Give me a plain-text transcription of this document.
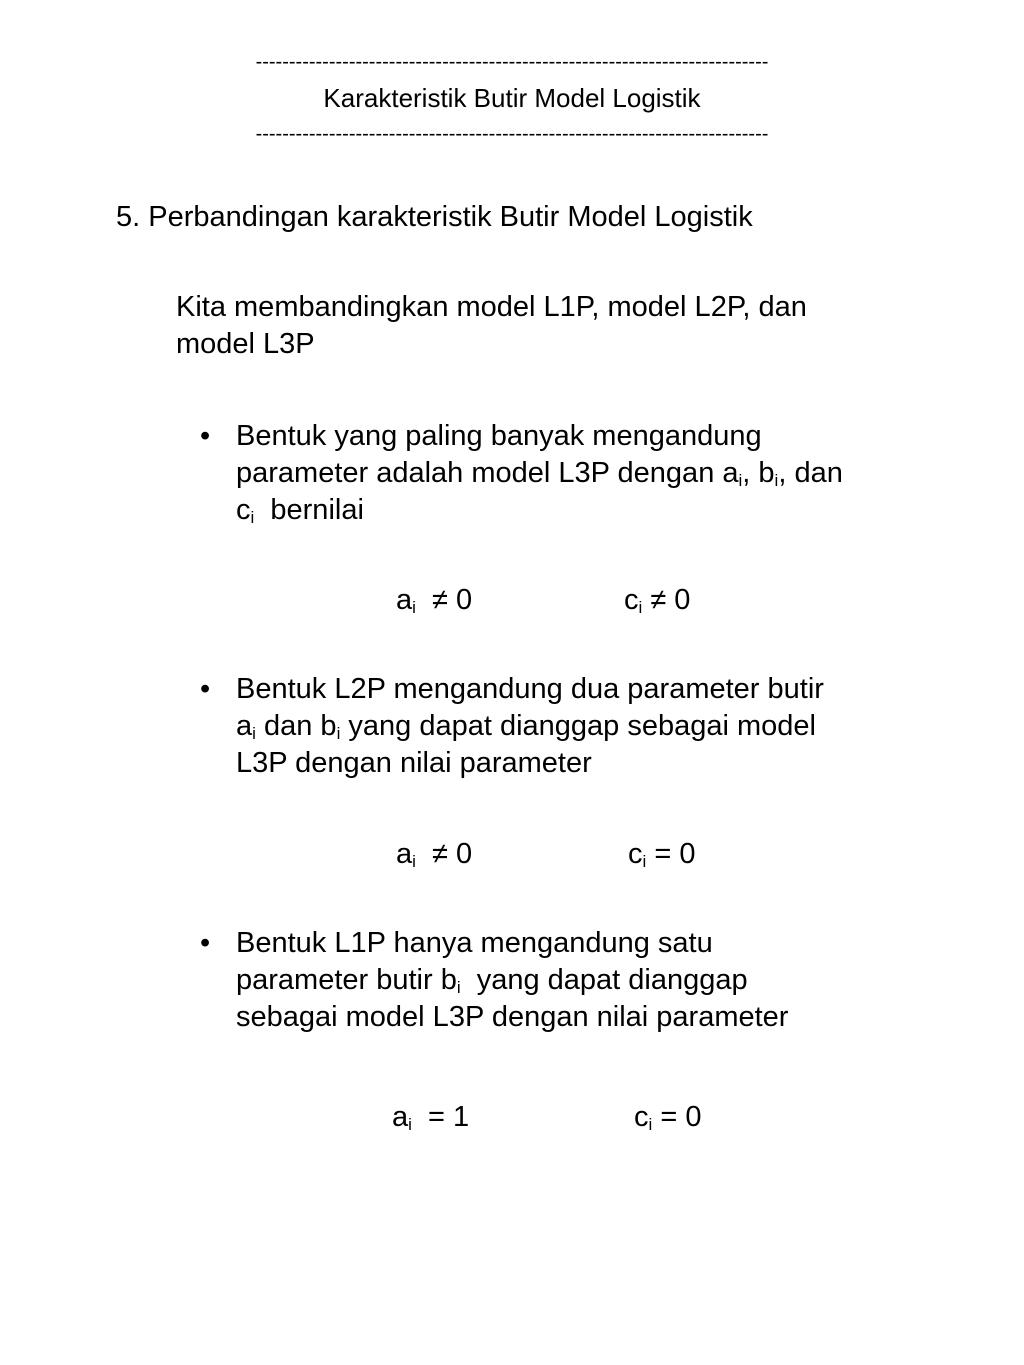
-----------------------------------------------------------------------------
Karakteristik Butir Model Logistik
-----------------------------------------------------------------------------
5. Perbandingan karakteristik Butir Model Logistik
Kita membandingkan model L1P, model L2P, dan
model L3P
• Bentuk yang paling banyak mengandung
parameter adalah model L3P dengan $a_i$, $b_i$, dan
$c_i$  bernilai
$a_i \ne 0$	$c_i \ne 0$
• Bentuk L2P mengandung dua parameter butir
$a_i$ dan $b_i$ yang dapat dianggap sebagai model
L3P dengan nilai parameter
$a_i \ne 0$	$c_i = 0$
• Bentuk L1P hanya mengandung satu
parameter butir $b_i$  yang dapat dianggap
sebagai model L3P dengan nilai parameter
$a_i = 1$	$c_i = 0$
